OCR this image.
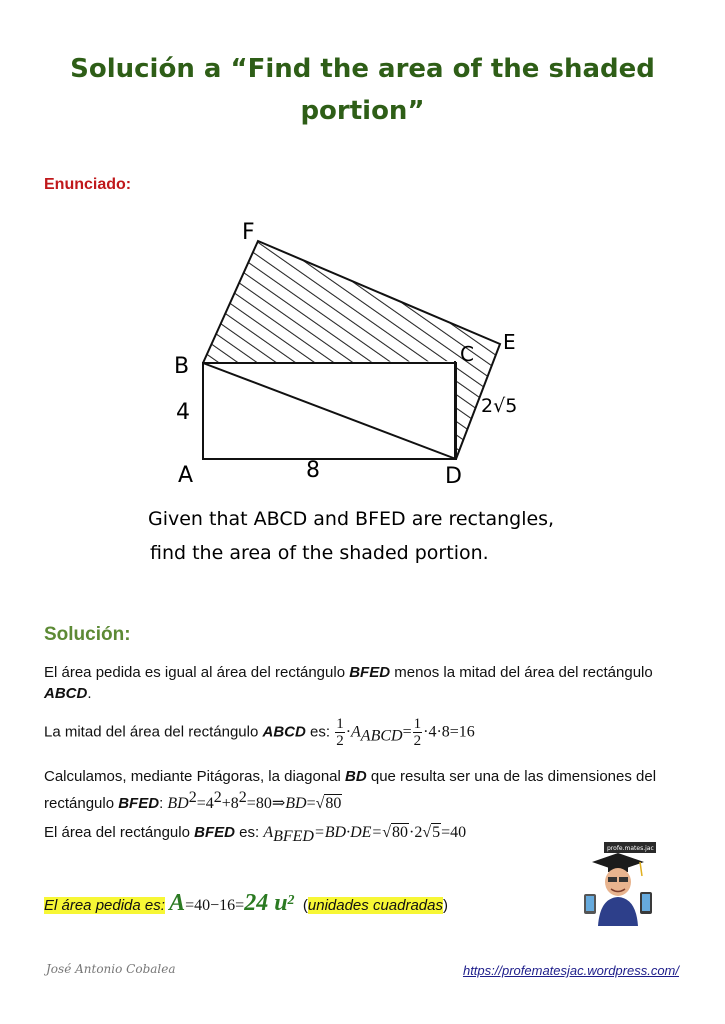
Solución a “Find the area of the shaded portion”
Enunciado:
F
B	C E
4	2√5
A	8	D
Given that ABCD and BFED are rectangles,
find the area of the shaded portion.
Solución:
El área pedida es igual al área del rectángulo BFED menos la mitad del área del rectángulo ABCD.
La mitad del área del rectángulo ABCD es: $\frac{1}{2} \cdot A_{ABCD}= \frac{1}{2} \cdot 4\cdot 8=16$
Calculamos, mediante Pitágoras, la diagonal BD que resulta ser una de las dimensiones del rectángulo BFED: $BD^2=4^2+8^2=80\Rightarrow BD=√80$
El área del rectángulo BFED es: $A_{BFED}=BD\cdot DE=√80\cdot 2√5=40$
El área pedida es: A=40−16=24 $u^2$ (unidades cuadradas)
profe.mates.jac
José Antonio Cobalea	https://profematesjac.wordpress.com/
